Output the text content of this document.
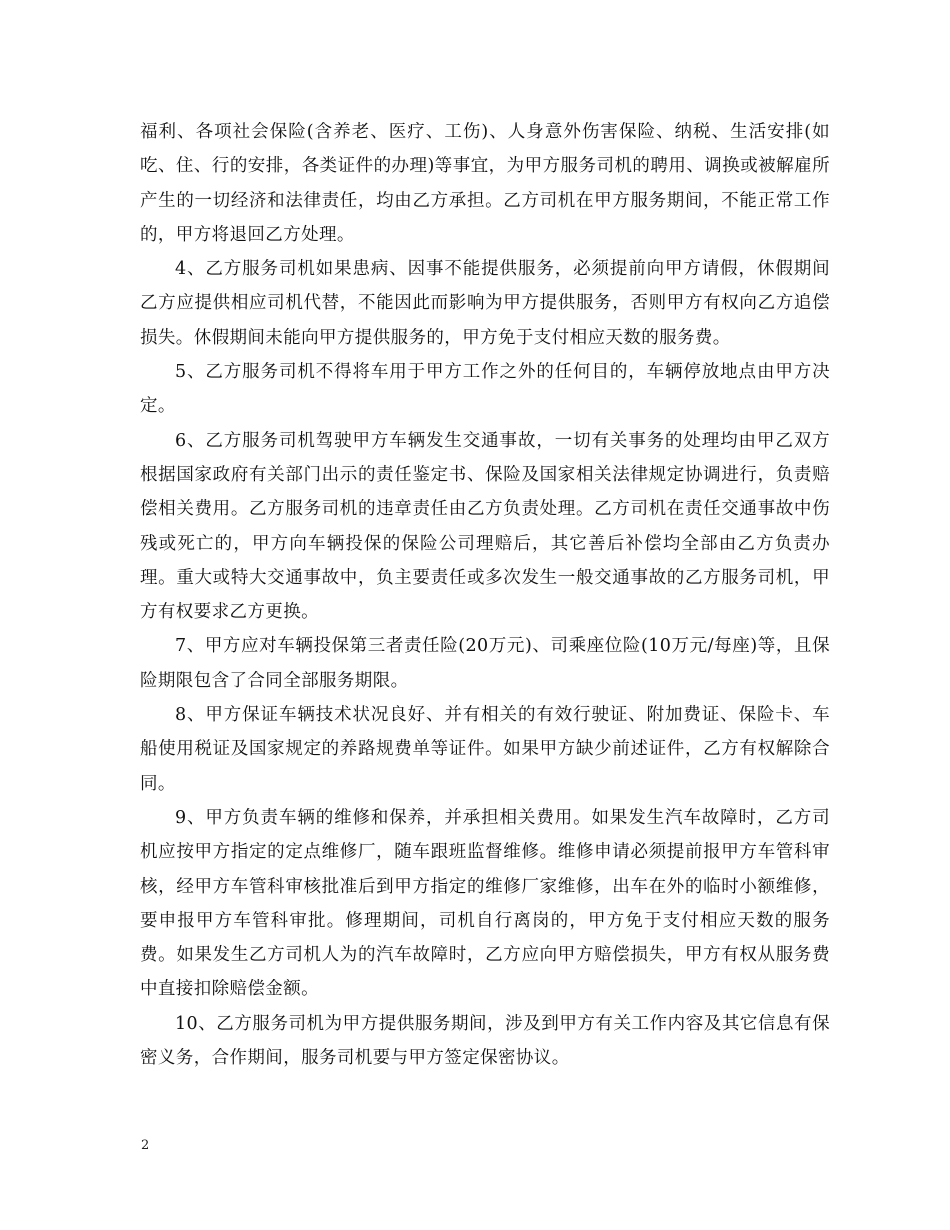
福利、各项社会保险(含养老、医疗、工伤)、人身意外伤害保险、纳税、生活安排(如吃、住、行的安排，各类证件的办理)等事宜，为甲方服务司机的聘用、调换或被解雇所产生的一切经济和法律责任，均由乙方承担。乙方司机在甲方服务期间，不能正常工作的，甲方将退回乙方处理。

4、乙方服务司机如果患病、因事不能提供服务，必须提前向甲方请假，休假期间乙方应提供相应司机代替，不能因此而影响为甲方提供服务，否则甲方有权向乙方追偿损失。休假期间未能向甲方提供服务的，甲方免于支付相应天数的服务费。

5、乙方服务司机不得将车用于甲方工作之外的任何目的，车辆停放地点由甲方决定。

6、乙方服务司机驾驶甲方车辆发生交通事故，一切有关事务的处理均由甲乙双方根据国家政府有关部门出示的责任鉴定书、保险及国家相关法律规定协调进行，负责赔偿相关费用。乙方服务司机的违章责任由乙方负责处理。乙方司机在责任交通事故中伤残或死亡的，甲方向车辆投保的保险公司理赔后，其它善后补偿均全部由乙方负责办理。重大或特大交通事故中，负主要责任或多次发生一般交通事故的乙方服务司机，甲方有权要求乙方更换。

7、甲方应对车辆投保第三者责任险(20万元)、司乘座位险(10万元/每座)等，且保险期限包含了合同全部服务期限。

8、甲方保证车辆技术状况良好、并有相关的有效行驶证、附加费证、保险卡、车船使用税证及国家规定的养路规费单等证件。如果甲方缺少前述证件，乙方有权解除合同。

9、甲方负责车辆的维修和保养，并承担相关费用。如果发生汽车故障时，乙方司机应按甲方指定的定点维修厂，随车跟班监督维修。维修申请必须提前报甲方车管科审核，经甲方车管科审核批准后到甲方指定的维修厂家维修，出车在外的临时小额维修，要申报甲方车管科审批。修理期间，司机自行离岗的，甲方免于支付相应天数的服务费。如果发生乙方司机人为的汽车故障时，乙方应向甲方赔偿损失，甲方有权从服务费中直接扣除赔偿金额。

10、乙方服务司机为甲方提供服务期间，涉及到甲方有关工作内容及其它信息有保密义务，合作期间，服务司机要与甲方签定保密协议。

2
